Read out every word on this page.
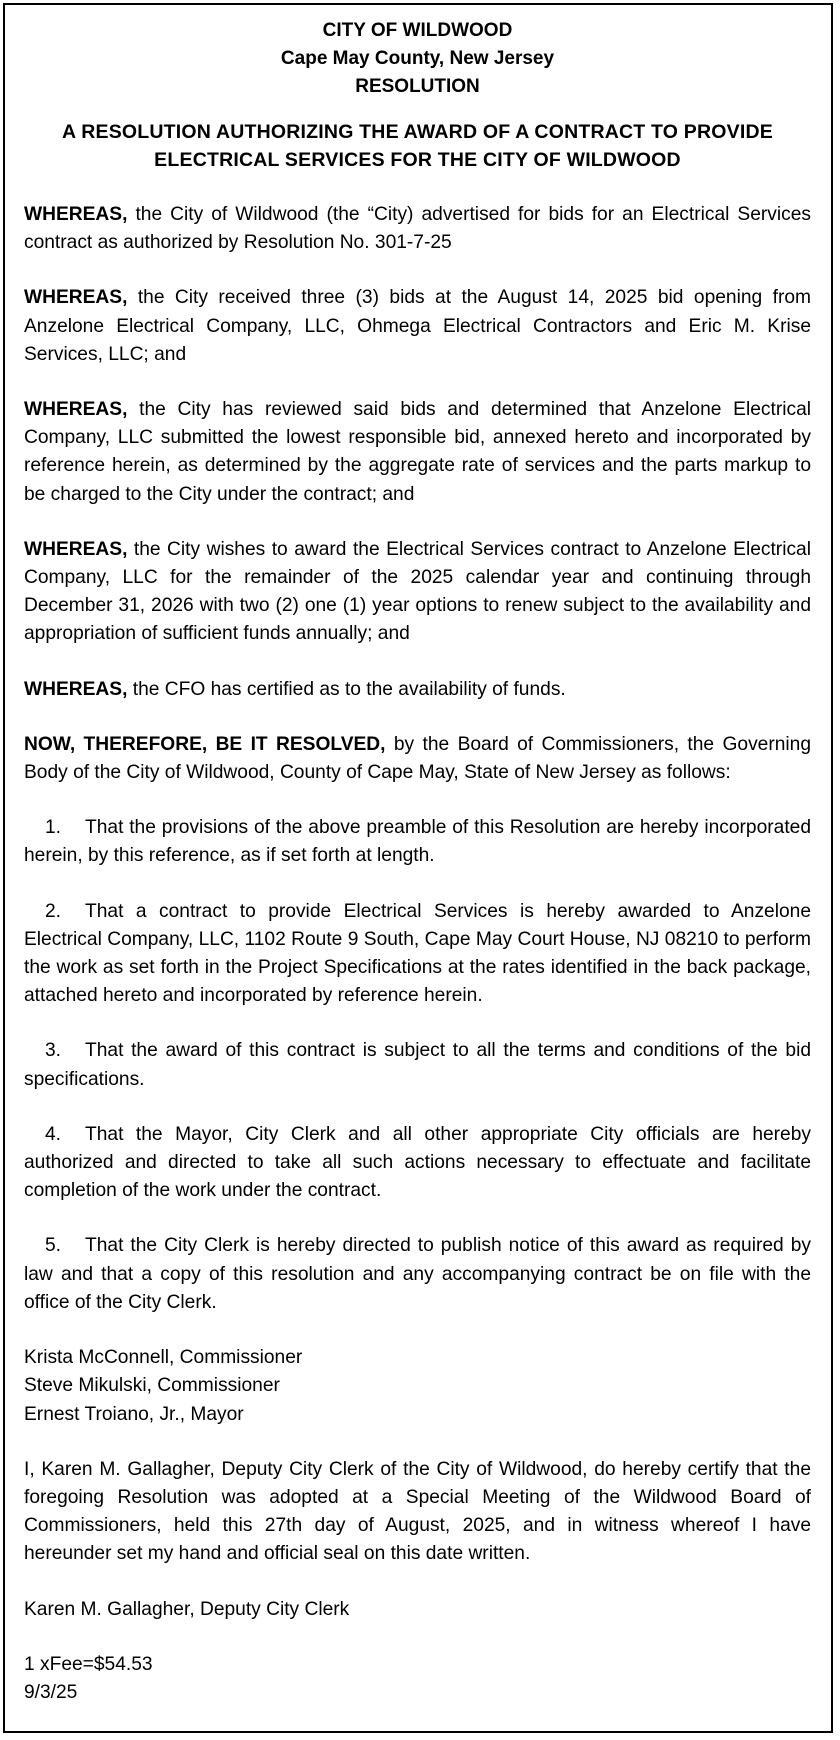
CITY OF WILDWOOD
Cape May County, New Jersey
RESOLUTION
A RESOLUTION AUTHORIZING THE AWARD OF A CONTRACT TO PROVIDE ELECTRICAL SERVICES FOR THE CITY OF WILDWOOD
WHEREAS, the City of Wildwood (the “City) advertised for bids for an Electrical Services contract as authorized by Resolution No. 301-7-25
WHEREAS, the City received three (3) bids at the August 14, 2025 bid opening from Anzelone Electrical Company, LLC, Ohmega Electrical Contractors and Eric M. Krise Services, LLC; and
WHEREAS, the City has reviewed said bids and determined that Anzelone Electrical Company, LLC submitted the lowest responsible bid, annexed hereto and incorporated by reference herein, as determined by the aggregate rate of services and the parts markup to be charged to the City under the contract; and
WHEREAS, the City wishes to award the Electrical Services contract to Anzelone Electrical Company, LLC for the remainder of the 2025 calendar year and continuing through December 31, 2026 with two (2) one (1) year options to renew subject to the availability and appropriation of sufficient funds annually; and
WHEREAS, the CFO has certified as to the availability of funds.
NOW, THEREFORE, BE IT RESOLVED, by the Board of Commissioners, the Governing Body of the City of Wildwood, County of Cape May, State of New Jersey as follows:
1. That the provisions of the above preamble of this Resolution are hereby incorporated herein, by this reference, as if set forth at length.
2. That a contract to provide Electrical Services is hereby awarded to Anzelone Electrical Company, LLC, 1102 Route 9 South, Cape May Court House, NJ 08210 to perform the work as set forth in the Project Specifications at the rates identified in the back package, attached hereto and incorporated by reference herein.
3. That the award of this contract is subject to all the terms and conditions of the bid specifications.
4. That the Mayor, City Clerk and all other appropriate City officials are hereby authorized and directed to take all such actions necessary to effectuate and facilitate completion of the work under the contract.
5. That the City Clerk is hereby directed to publish notice of this award as required by law and that a copy of this resolution and any accompanying contract be on file with the office of the City Clerk.
Krista McConnell, Commissioner
Steve Mikulski, Commissioner
Ernest Troiano, Jr., Mayor
I, Karen M. Gallagher, Deputy City Clerk of the City of Wildwood, do hereby certify that the foregoing Resolution was adopted at a Special Meeting of the Wildwood Board of Commissioners, held this 27th day of August, 2025, and in witness whereof I have hereunder set my hand and official seal on this date written.
Karen M. Gallagher, Deputy City Clerk
1 xFee=$54.53
9/3/25
